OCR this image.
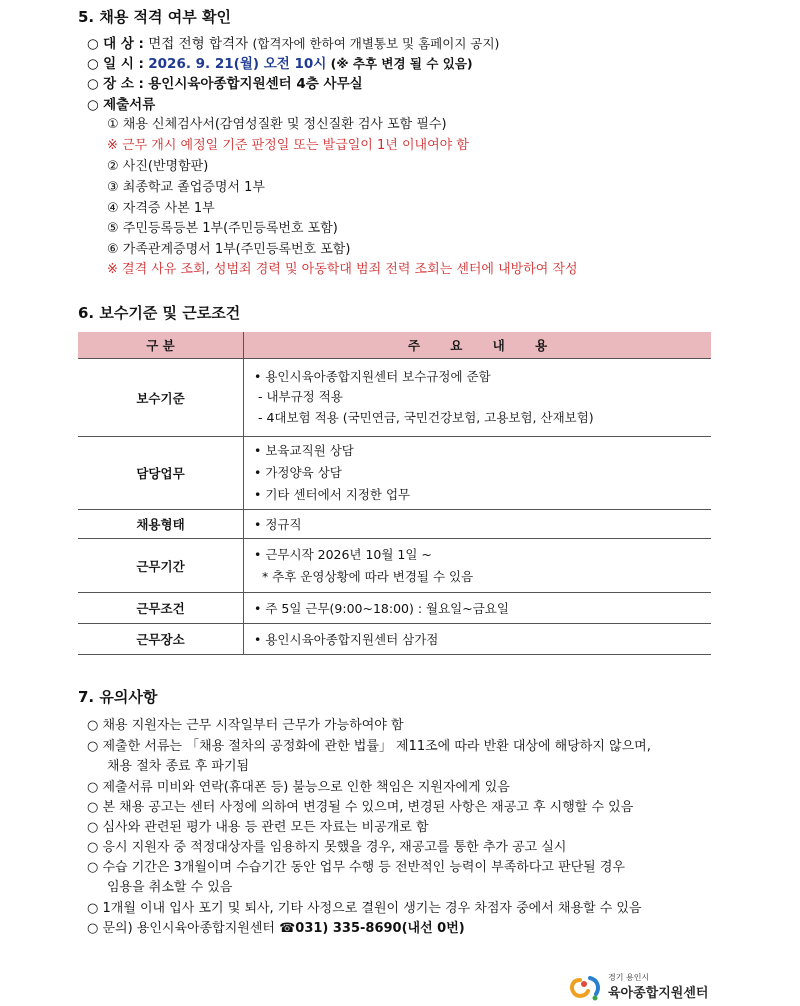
5. 채용 적격 여부 확인
○ 대 상 : 면접 전형 합격자 (합격자에 한하여 개별통보 및 홈페이지 공지)
○ 일 시 : 2026. 9. 21(월) 오전 10시 (※ 추후 변경 될 수 있음)
○ 장 소 : 용인시육아종합지원센터 4층 사무실
○ 제출서류
① 채용 신체검사서(감염성질환 및 정신질환 검사 포함 필수)
※ 근무 개시 예정일 기준 판정일 또는 발급일이 1년 이내여야 함
② 사진(반명함판)
③ 최종학교 졸업증명서 1부
④ 자격증 사본 1부
⑤ 주민등록등본 1부(주민등록번호 포함)
⑥ 가족관계증명서 1부(주민등록번호 포함)
※ 결격 사유 조회, 성범죄 경력 및 아동학대 범죄 전력 조회는 센터에 내방하여 작성
6. 보수기준 및 근로조건
구 분	주 요 내 용
보수기준	• 용인시육아종합지원센터 보수규정에 준함
- 내부규정 적용
- 4대보험 적용 (국민연금, 국민건강보험, 고용보험, 산재보험)

담당업무	• 보육교직원 상담
• 가정양육 상담
• 기타 센터에서 지정한 업무

채용형태	• 정규직

근무기간	• 근무시작 2026년 10월 1일 ~
* 추후 운영상황에 따라 변경될 수 있음

근무조건	• 주 5일 근무(9:00~18:00) : 월요일~금요일

근무장소	• 용인시육아종합지원센터 삼가점
7. 유의사항
○ 채용 지원자는 근무 시작일부터 근무가 가능하여야 함
○ 제출한 서류는 「채용 절차의 공정화에 관한 법률」 제11조에 따라 반환 대상에 해당하지 않으며,
채용 절차 종료 후 파기됨
○ 제출서류 미비와 연락(휴대폰 등) 불능으로 인한 책임은 지원자에게 있음
○ 본 채용 공고는 센터 사정에 의하여 변경될 수 있으며, 변경된 사항은 재공고 후 시행할 수 있음
○ 심사와 관련된 평가 내용 등 관련 모든 자료는 비공개로 함
○ 응시 지원자 중 적정대상자를 임용하지 못했을 경우, 재공고를 통한 추가 공고 실시
○ 수습 기간은 3개월이며 수습기간 동안 업무 수행 등 전반적인 능력이 부족하다고 판단될 경우
임용을 취소할 수 있음
○ 1개월 이내 입사 포기 및 퇴사, 기타 사정으로 결원이 생기는 경우 차점자 중에서 채용할 수 있음
○ 문의) 용인시육아종합지원센터 ☎031) 335-8690(내선 0번)
경기 용인시
육아종합지원센터
